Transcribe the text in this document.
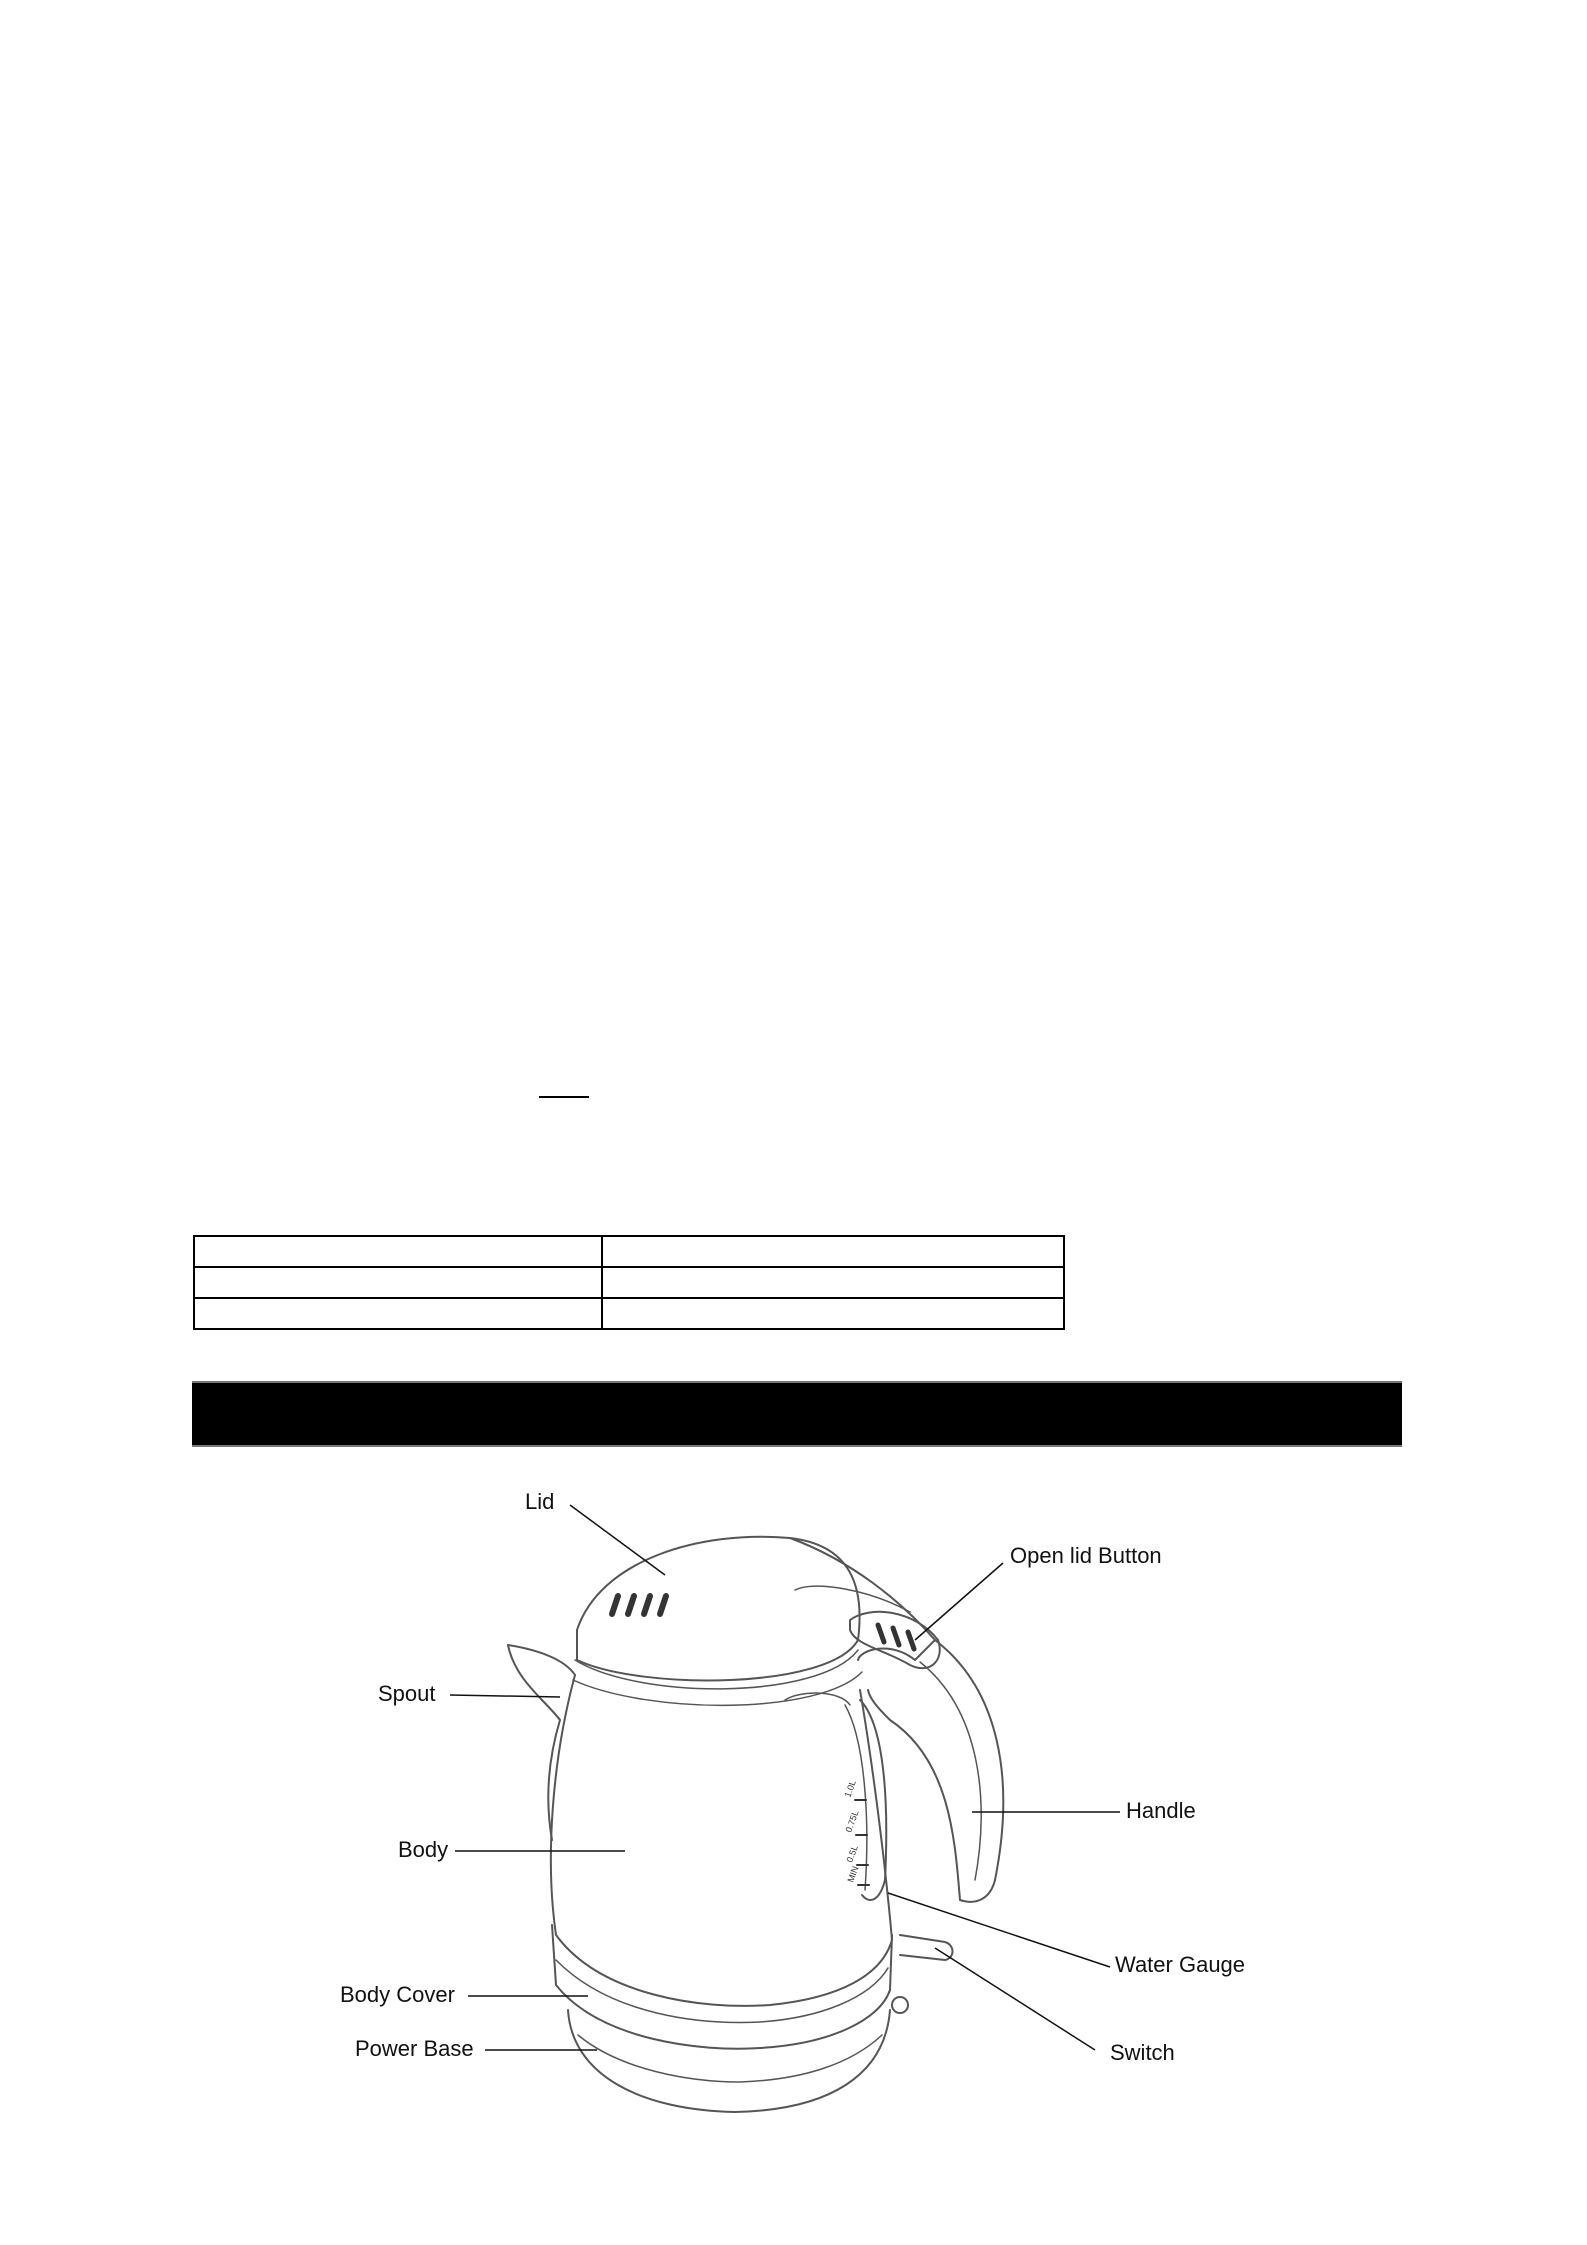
1.0L
0.75L
0.5L
MIN
Lid
Open lid Button
Spout
Handle
Body
Water Gauge
Body Cover
Switch
Power Base
